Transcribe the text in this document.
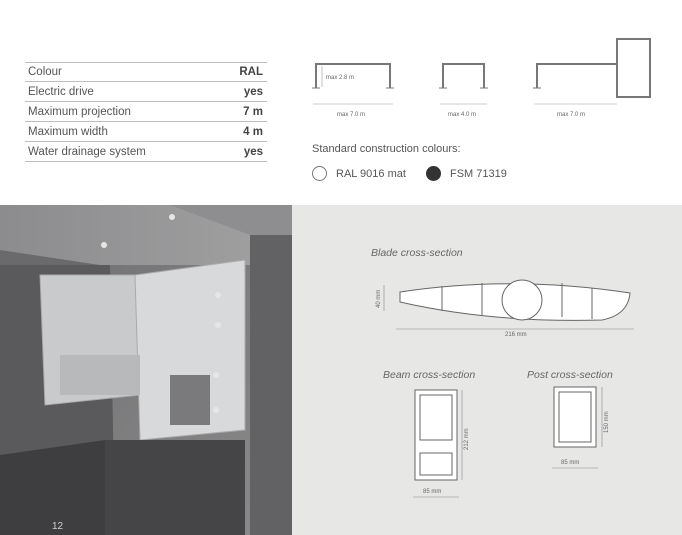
Colour	RAL
Electric drive	yes
Maximum projection	7 m
Maximum width	4 m
Water drainage system	yes
max 2.8 m
max 7.0 m	max 4.0 m	max 7.0 m
Standard construction colours:
RAL 9016 mat	FSM 71319
12
Blade cross-section
Beam cross-section	Post cross-section
40 mm
216 mm
212 mm
85 mm
150 mm
85 mm
